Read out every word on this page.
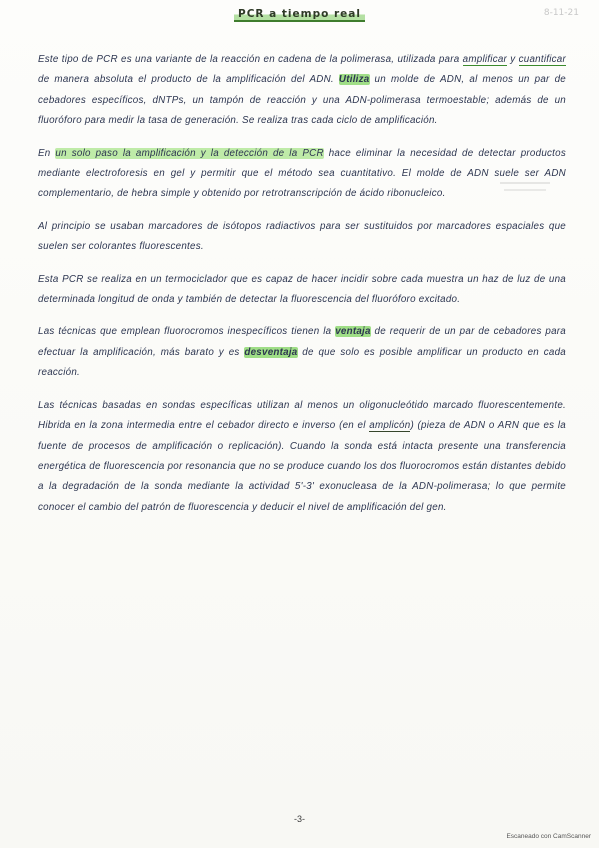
PCR a tiempo real	8-11-21

Este tipo de PCR es una variante de la reacción en cadena de la polimerasa, utilizada para amplificar y cuantificar de manera absoluta el producto de la amplificación del ADN. Utiliza un molde de ADN, al menos un par de cebadores específicos, dNTPs, un tampón de reacción y una ADN-polimerasa termoestable; además de un fluoróforo para medir la tasa de generación. Se realiza tras cada ciclo de amplificación.

En un solo paso la amplificación y la detección de la PCR hace eliminar la necesidad de detectar productos mediante electroforesis en gel y permitir que el método sea cuantitativo. El molde de ADN suele ser ADN complementario, de hebra simple y obtenido por retrotranscripción de ácido ribonucleico.

Al principio se usaban marcadores de isótopos radiactivos para ser sustituidos por marcadores espaciales que suelen ser colorantes fluorescentes.

Esta PCR se realiza en un termociclador que es capaz de hacer incidir sobre cada muestra un haz de luz de una determinada longitud de onda y también de detectar la fluorescencia del fluoróforo excitado.

Las técnicas que emplean fluorocromos inespecíficos tienen la ventaja de requerir de un par de cebadores para efectuar la amplificación, más barato y es desventaja de que solo es posible amplificar un producto en cada reacción.

Las técnicas basadas en sondas específicas utilizan al menos un oligonucleótido marcado fluorescentemente. Hibrida en la zona intermedia entre el cebador directo e inverso (en el amplicón) (pieza de ADN o ARN que es la fuente de procesos de amplificación o replicación). Cuando la sonda está intacta presente una transferencia energética de fluorescencia por resonancia que no se produce cuando los dos fluorocromos están distantes debido a la degradación de la sonda mediante la actividad 5'-3' exonucleasa de la ADN-polimerasa; lo que permite conocer el cambio del patrón de fluorescencia y deducir el nivel de amplificación del gen.

-3-
Escaneado con CamScanner
